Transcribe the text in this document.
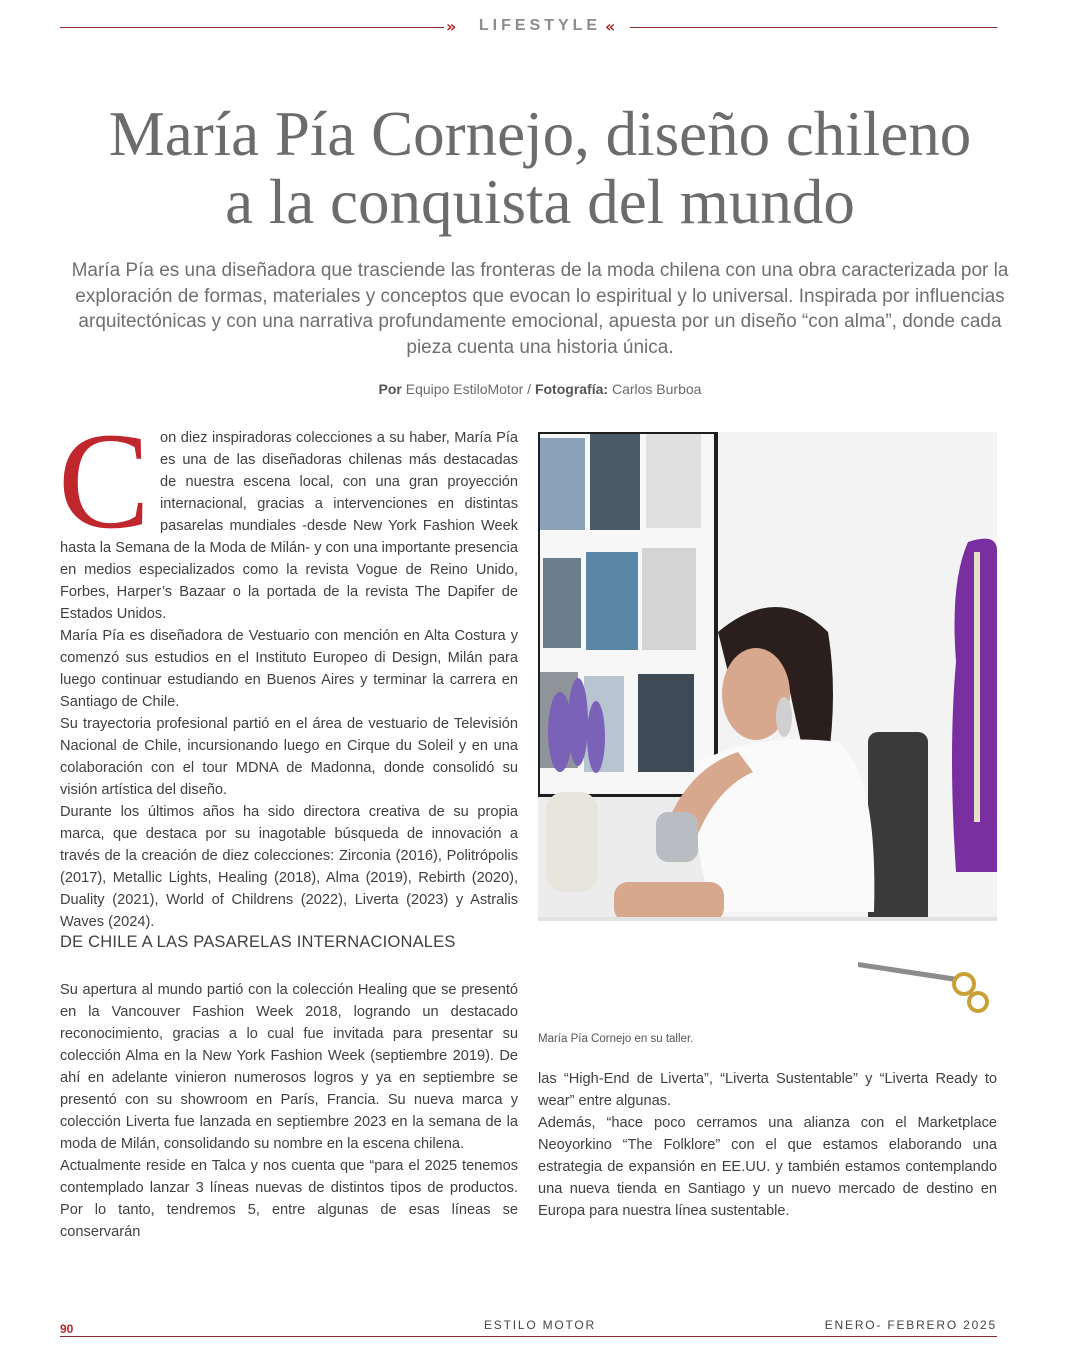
»	LIFESTYLE «
María Pía Cornejo, diseño chileno
a la conquista del mundo

María Pía es una diseñadora que trasciende las fronteras de la moda chilena con una obra caracterizada por la exploración de formas, materiales y conceptos que evocan lo espiritual y lo universal. Inspirada por influencias arquitectónicas y con una narrativa profundamente emocional, apuesta por un diseño “con alma”, donde cada pieza cuenta una historia única.

Por Equipo EstiloMotor / Fotografía: Carlos Burboa
C on diez inspiradoras colecciones a su haber, María Pía es una de las diseñadoras chilenas más destacadas de nuestra escena local, con una gran proyección internacional, gracias a intervenciones en distintas pasarelas mundiales -desde New York Fashion Week hasta la Semana de la Moda de Milán- y con una importante presencia en medios especializados como la revista Vogue de Reino Unido, Forbes, Harper’s Bazaar o la portada de la revista The Dapifer de Estados Unidos.

María Pía es diseñadora de Vestuario con mención en Alta Costura y comenzó sus estudios en el Instituto Europeo di Design, Milán para luego continuar estudiando en Buenos Aires y terminar la carrera en Santiago de Chile.

Su trayectoria profesional partió en el área de vestuario de Televisión Nacional de Chile, incursionando luego en Cirque du Soleil y en una colaboración con el tour MDNA de Madonna, donde consolidó su visión artística del diseño.

Durante los últimos años ha sido directora creativa de su propia marca, que destaca por su inagotable búsqueda de innovación a través de la creación de diez colecciones: Zirconia (2016), Politrópolis (2017), Metallic Lights, Healing (2018), Alma (2019), Rebirth (2020), Duality (2021), World of Childrens (2022), Liverta (2023) y Astralis Waves (2024).

DE CHILE A LAS PASARELAS INTERNACIONALES

Su apertura al mundo partió con la colección Healing que se presentó en la Vancouver Fashion Week 2018, logrando un destacado reconocimiento, gracias a lo cual fue invitada para presentar su colección Alma en la New York Fashion Week (septiembre 2019). De ahí en adelante vinieron numerosos logros y ya en septiembre se presentó con su showroom en París, Francia. Su nueva marca y colección Liverta fue lanzada en septiembre 2023 en la semana de la moda de Milán, consolidando su nombre en la escena chilena.

Actualmente reside en Talca y nos cuenta que “para el 2025 tenemos contemplado lanzar 3 líneas nuevas de distintos tipos de productos. Por lo tanto, tendremos 5, entre algunas de esas líneas se conservarán

María Pía Cornejo en su taller.

las “High-End de Liverta”, “Liverta Sustentable” y “Liverta Ready to wear” entre algunas.

Además, “hace poco cerramos una alianza con el Marketplace Neoyorkino “The Folklore” con el que estamos elaborando una estrategia de expansión en EE.UU. y también estamos contemplando una nueva tienda en Santiago y un nuevo mercado de destino en Europa para nuestra línea sustentable.

90	ESTILO MOTOR	ENERO- FEBRERO 2025
